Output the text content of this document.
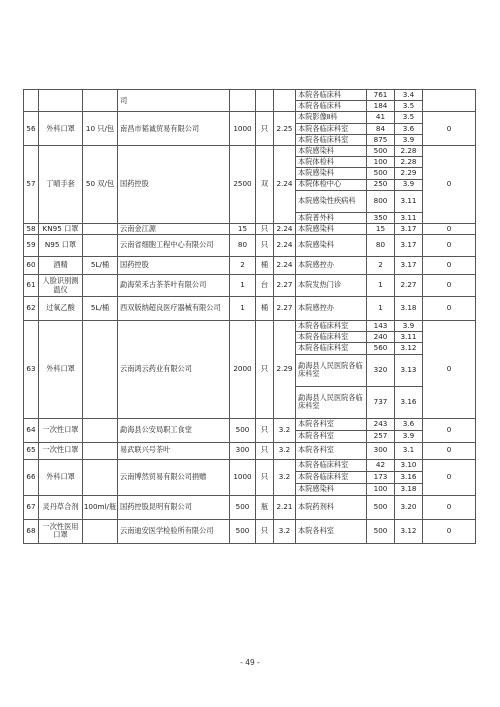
			司				本院各临床科	761	3.4	
							本院各临床科	184	3.5	
56	外科口罩	10 只/包	南昌市韬诚贸易有限公司	1000	只	2.25	本院影像Ⅱ科	41	3.5	0
							本院各临床科室	84	3.6	
							本院各临床科室	875	3.9	
57	丁晴手套	50 双/包	国药控股	2500	双	2.24	本院感染科	500	2.28	0
							本院体检科	100	2.28	
							本院感染科	500	2.29	
							本院体检中心	250	3.9	
							本院感染性疾病科	800	3.11	
							本院普外科	350	3.11	
58	KN95 口罩		云南金江源	15	只	2.24	本院感染科	15	3.17	0
59	N95 口罩		云南省细胞工程中心有限公司	80	只	2.24	本院感染科	80	3.17	0
60	酒精	5L/桶	国药控股	2	桶	2.24	本院感控办	2	3.17	0
61	人脸识别测温仪		勐海荣禾古茶茶叶有限公司	1	台	2.27	本院发热门诊	1	2.27	0
62	过氧乙酸	5L/桶	西双版纳超良医疗器械有限公司	1	桶	2.27	本院感控办	1	3.18	0
63	外科口罩		云南鸿云药业有限公司	2000	只	2.29	本院各临床科室	143	3.9	0
							本院各临床科室	240	3.11	
							本院各临床科室	560	3.12	
							勐海县人民医院各临床科室	320	3.13	
							勐海县人民医院各临床科室	737	3.16	
64	一次性口罩		勐海县公安局职工食堂	500	只	3.2	本院各科室	243	3.6	0
							本院各科室	257	3.9	
65	一次性口罩		易武联兴号茶叶	300	只	3.2	本院各科室	300	3.1	0
66	外科口罩		云南博然贸易有限公司捐赠	1000	只	3.2	本院各临床科室	42	3.10	0
							本院各临床科室	173	3.16	
							本院感染科	100	3.18	
67	灵丹草合剂	100ml/瓶	国药控股昆明有限公司	500	瓶	2.21	本院药剂科	500	3.20	0
68	一次性医用口罩		云南迪安医学检验所有限公司	500	只	3.2	本院各科室	500	3.12	0
- 49 -
